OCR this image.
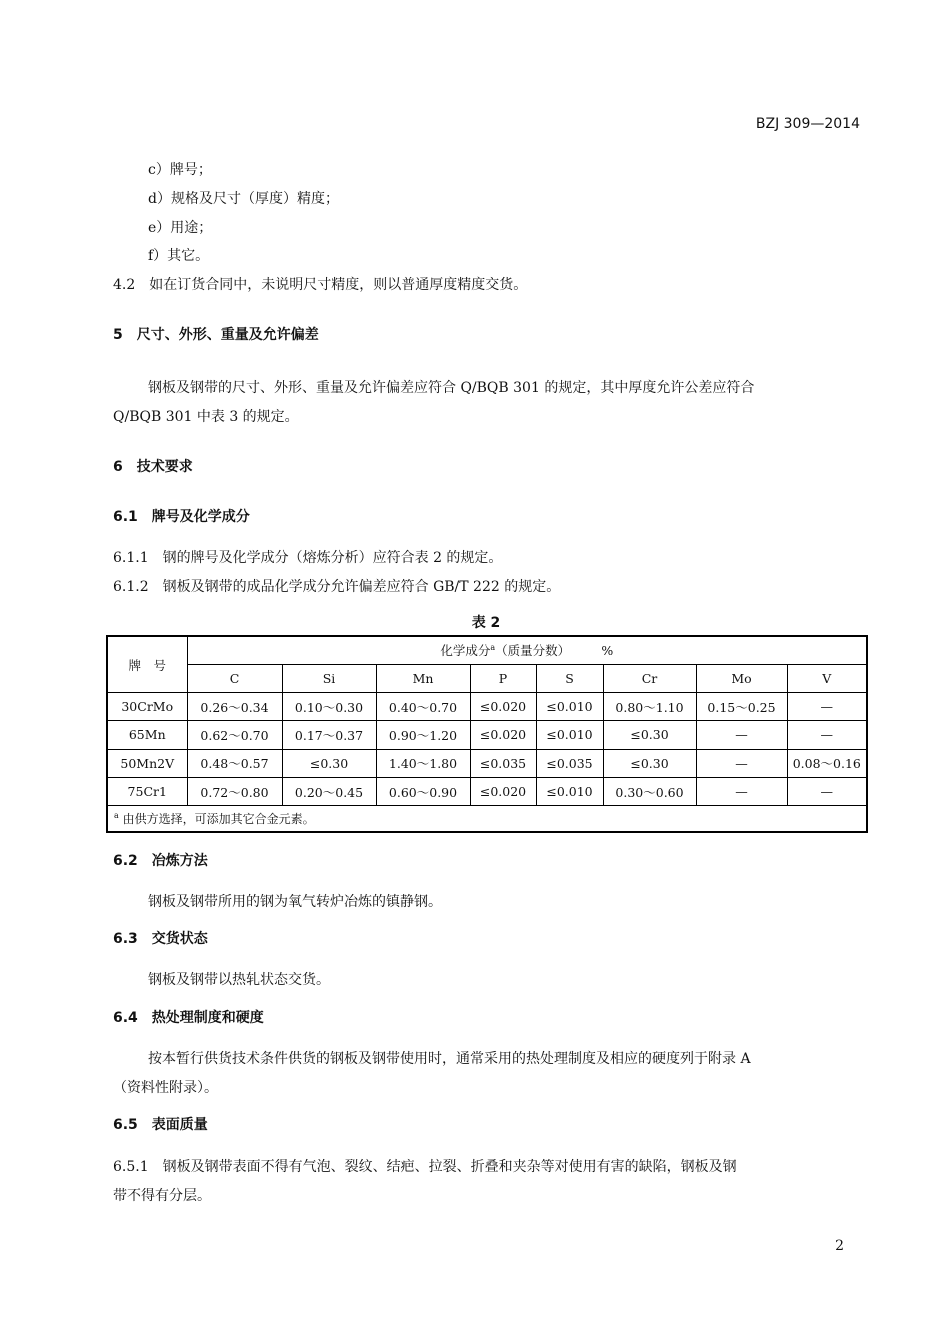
BZJ 309—2014
c）牌号；
d）规格及尺寸（厚度）精度；
e）用途；
f）其它。
4.2　如在订货合同中，未说明尺寸精度，则以普通厚度精度交货。
5　尺寸、外形、重量及允许偏差
钢板及钢带的尺寸、外形、重量及允许偏差应符合 Q/BQB 301 的规定，其中厚度允许公差应符合
Q/BQB 301 中表 3 的规定。
6　技术要求
6.1　牌号及化学成分
6.1.1　钢的牌号及化学成分（熔炼分析）应符合表 2 的规定。
6.1.2　钢板及钢带的成品化学成分允许偏差应符合 GB/T 222 的规定。
表 2
牌　号	化学成分$^a$（质量分数）　　　%							
	C	Si	Mn	P	S	Cr	Mo	V
30CrMo	0.26～0.34	0.10～0.30	0.40～0.70	≤0.020	≤0.010	0.80～1.10	0.15～0.25	—
65Mn	0.62～0.70	0.17～0.37	0.90～1.20	≤0.020	≤0.010	≤0.30	—	—
50Mn2V	0.48～0.57	≤0.30	1.40～1.80	≤0.035	≤0.035	≤0.30	—	0.08～0.16
75Cr1	0.72～0.80	0.20～0.45	0.60～0.90	≤0.020	≤0.010	0.30～0.60	—	—
$^a$ 由供方选择，可添加其它合金元素。								
6.2　冶炼方法
钢板及钢带所用的钢为氧气转炉冶炼的镇静钢。
6.3　交货状态
钢板及钢带以热轧状态交货。
6.4　热处理制度和硬度
按本暂行供货技术条件供货的钢板及钢带使用时，通常采用的热处理制度及相应的硬度列于附录 A
（资料性附录）。
6.5　表面质量
6.5.1　钢板及钢带表面不得有气泡、裂纹、结疤、拉裂、折叠和夹杂等对使用有害的缺陷，钢板及钢
带不得有分层。
2
